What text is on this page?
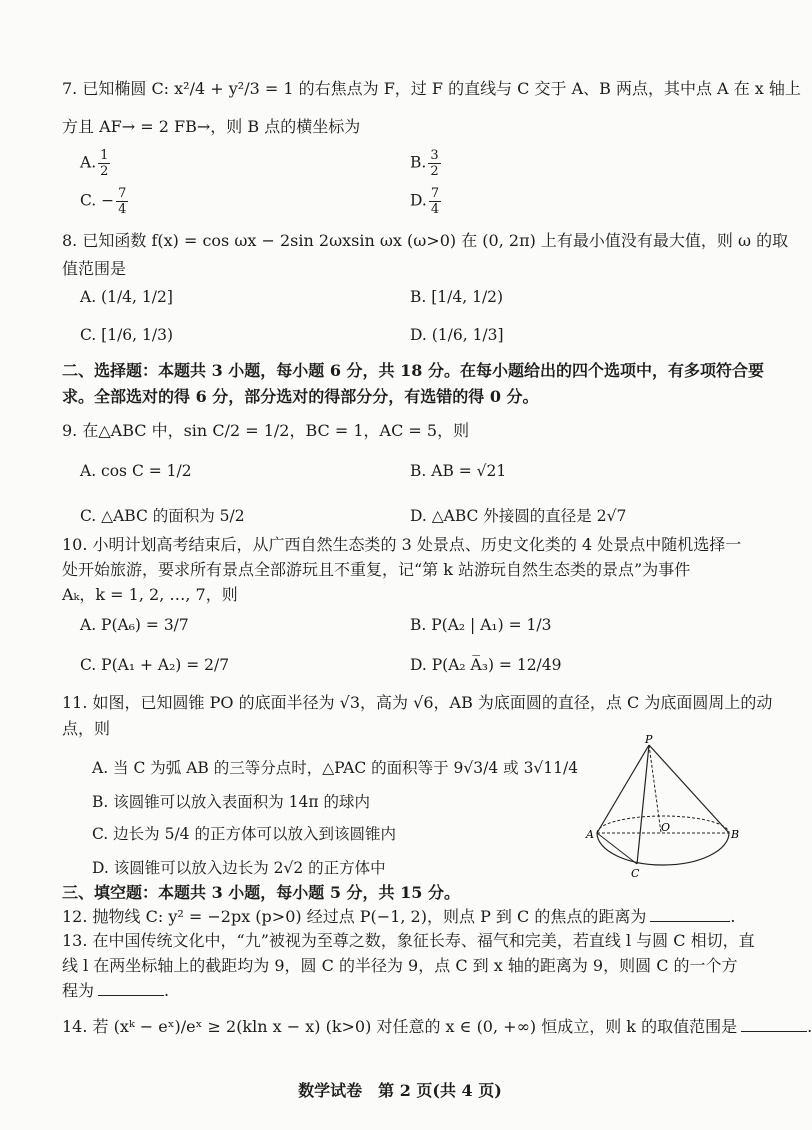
7. 已知椭圆 C: x²/4 + y²/3 = 1 的右焦点为 F，过 F 的直线与 C 交于 A、B 两点，其中点 A 在 x 轴上
方且 AF→ = 2 FB→，则 B 点的横坐标为
A. $\frac{1}{2}$	B. $\frac{3}{2}$
C. − $\frac{7}{4}$	D. $\frac{7}{4}$
8. 已知函数 f(x) = cos ωx − 2sin 2ωxsin ωx (ω>0) 在 (0, 2π) 上有最小值没有最大值，则 ω 的取
值范围是
A. (1/4, 1/2]	B. [1/4, 1/2)
C. [1/6, 1/3)	D. (1/6, 1/3]
二、选择题：本题共 3 小题，每小题 6 分，共 18 分。在每小题给出的四个选项中，有多项符合要
求。全部选对的得 6 分，部分选对的得部分分，有选错的得 0 分。
9. 在△ABC 中，sin C/2 = 1/2，BC = 1，AC = 5，则
A. cos C = 1/2	B. AB = √21
C. △ABC 的面积为 5/2	D. △ABC 外接圆的直径是 2√7
10. 小明计划高考结束后，从广西自然生态类的 3 处景点、历史文化类的 4 处景点中随机选择一
处开始旅游，要求所有景点全部游玩且不重复，记“第 k 站游玩自然生态类的景点”为事件
Aₖ，k = 1, 2, …, 7，则
A. P(A₆) = 3/7	B. P(A₂ | A₁) = 1/3
C. P(A₁ + A₂) = 2/7	D. P(A₂ A̅₃) = 12/49
11. 如图，已知圆锥 PO 的底面半径为 √3，高为 √6，AB 为底面圆的直径，点 C 为底面圆周上的动
点，则
A. 当 C 为弧 AB 的三等分点时，△PAC 的面积等于 9√3/4 或 3√11/4
B. 该圆锥可以放入表面积为 14π 的球内
C. 边长为 5/4 的正方体可以放入到该圆锥内
D. 该圆锥可以放入边长为 2√2 的正方体中
P
A	B
C
O
三、填空题：本题共 3 小题，每小题 5 分，共 15 分。
12. 抛物线 C: y² = −2px (p>0) 经过点 P(−1, 2)，则点 P 到 C 的焦点的距离为	.
13. 在中国传统文化中，“九”被视为至尊之数，象征长寿、福气和完美，若直线 l 与圆 C 相切，直
线 l 在两坐标轴上的截距均为 9，圆 C 的半径为 9，点 C 到 x 轴的距离为 9，则圆 C 的一个方
程为	.
14. 若 (xᵏ − eˣ)/eˣ ≥ 2(kln x − x) (k>0) 对任意的 x ∈ (0, +∞) 恒成立，则 k 的取值范围是	.
数学试卷　第 2 页(共 4 页)
